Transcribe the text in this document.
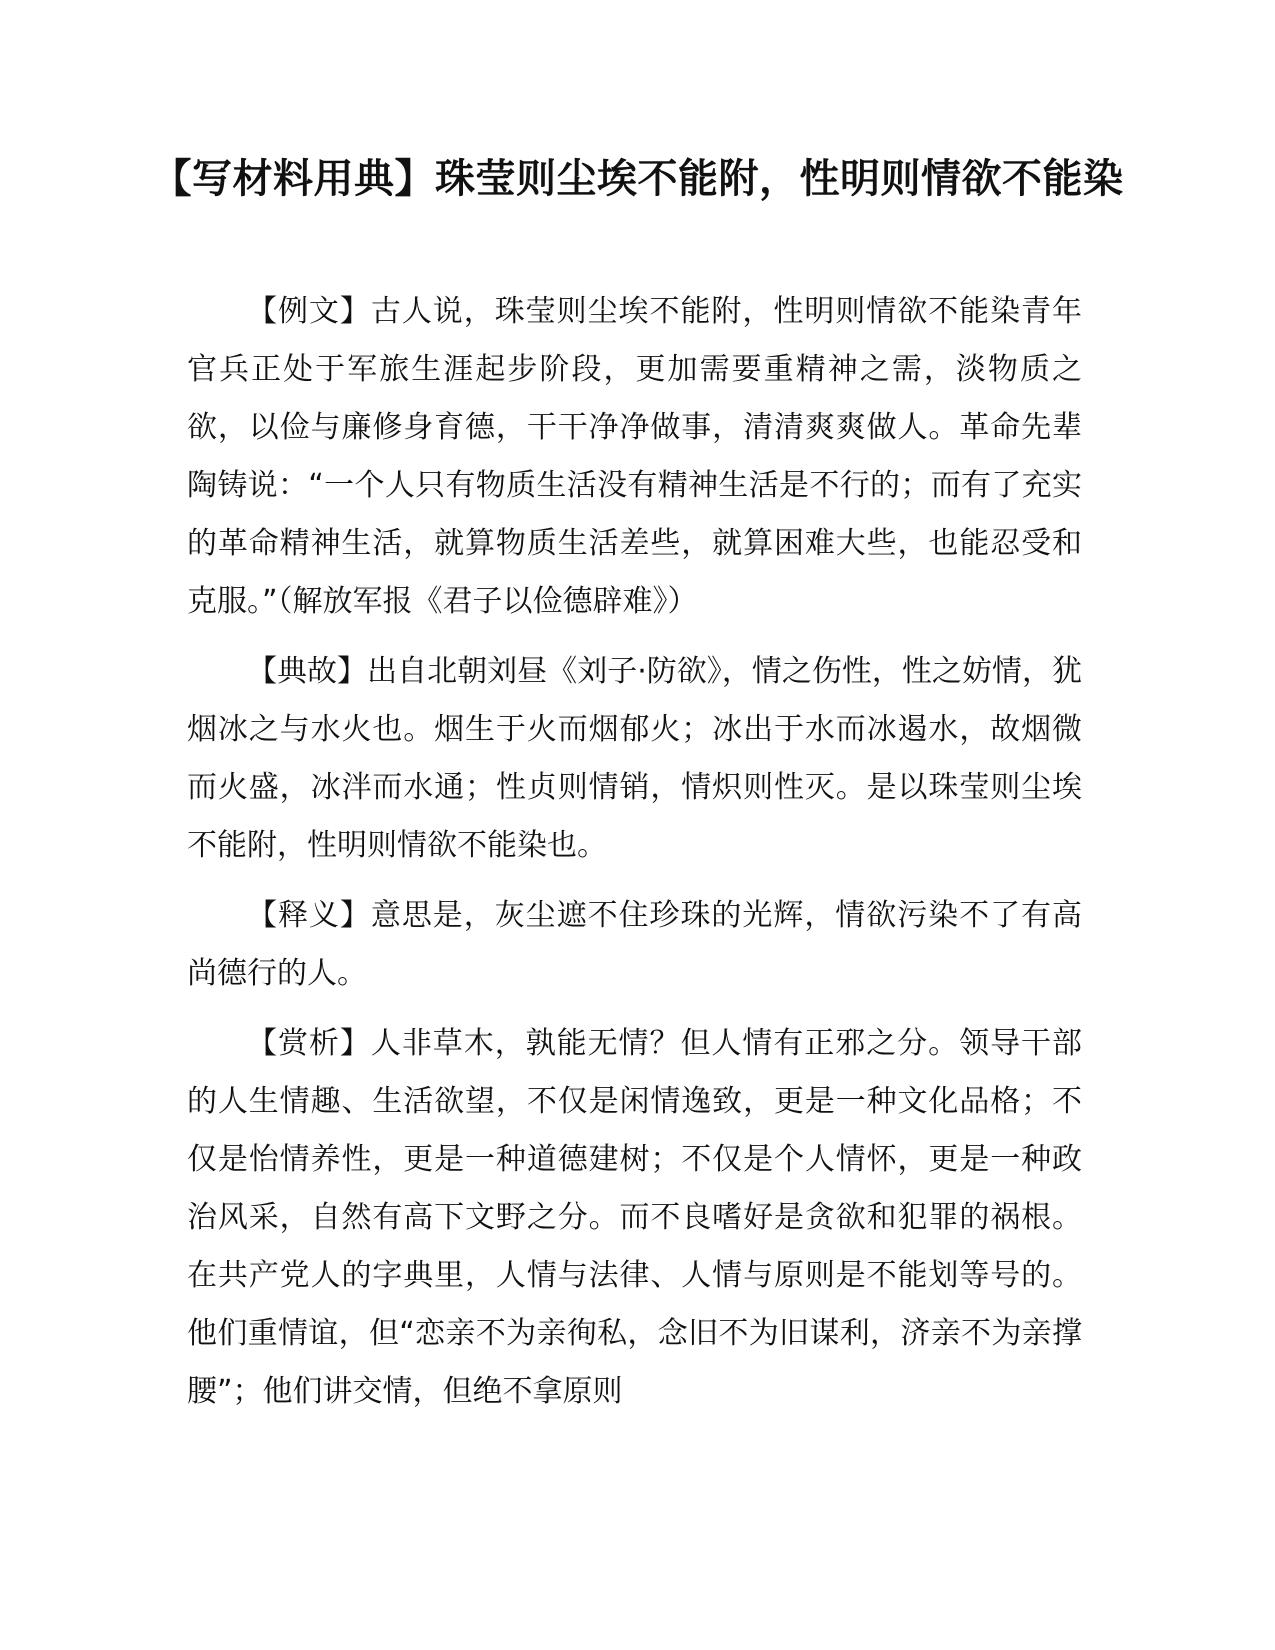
【写材料用典】珠莹则尘埃不能附，性明则情欲不能染

【例文】古人说，珠莹则尘埃不能附，性明则情欲不能染青年官兵正处于军旅生涯起步阶段，更加需要重精神之需，淡物质之欲，以俭与廉修身育德，干干净净做事，清清爽爽做人。革命先辈陶铸说：“一个人只有物质生活没有精神生活是不行的；而有了充实的革命精神生活，就算物质生活差些，就算困难大些，也能忍受和克服。”（解放军报《君子以俭德辟难》）

【典故】出自北朝刘昼《刘子·防欲》，情之伤性，性之妨情，犹烟冰之与水火也。烟生于火而烟郁火；冰出于水而冰遏水，故烟微而火盛，冰泮而水通；性贞则情销，情炽则性灭。是以珠莹则尘埃不能附，性明则情欲不能染也。

【释义】意思是，灰尘遮不住珍珠的光辉，情欲污染不了有高尚德行的人。

【赏析】人非草木，孰能无情？但人情有正邪之分。领导干部的人生情趣、生活欲望，不仅是闲情逸致，更是一种文化品格；不仅是怡情养性，更是一种道德建树；不仅是个人情怀，更是一种政治风采，自然有高下文野之分。而不良嗜好是贪欲和犯罪的祸根。在共产党人的字典里，人情与法律、人情与原则是不能划等号的。他们重情谊，但“恋亲不为亲徇私，念旧不为旧谋利，济亲不为亲撑腰”；他们讲交情，但绝不拿原则
